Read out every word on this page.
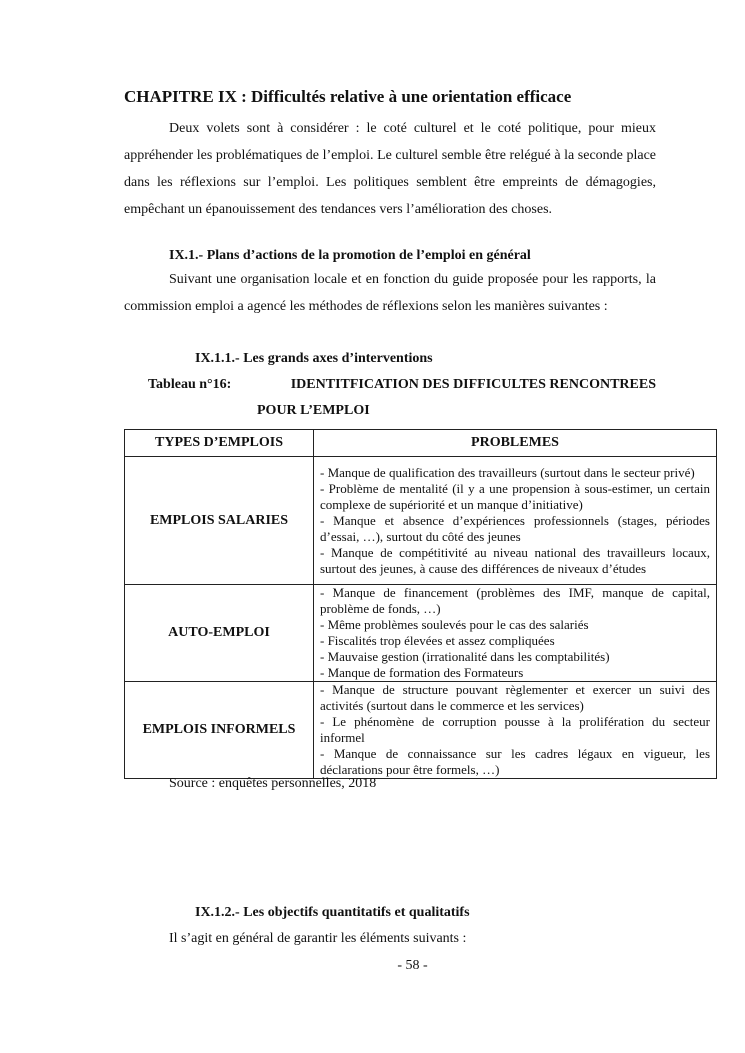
CHAPITRE IX : Difficultés relative à une orientation efficace
Deux volets sont à considérer : le coté culturel et le coté politique, pour mieux appréhender les problématiques de l’emploi. Le culturel semble être relégué à la seconde place dans les réflexions sur l’emploi. Les politiques semblent être empreints de démagogies, empêchant un épanouissement des tendances vers l’amélioration des choses.
IX.1.- Plans d’actions de la promotion de l’emploi en général
Suivant une organisation locale et en fonction du guide proposée pour les rapports, la commission emploi a agencé les méthodes de réflexions selon les manières suivantes :
IX.1.1.- Les grands axes d’interventions
Tableau n°16:	IDENTITFICATION DES DIFFICULTES RENCONTREES
POUR L’EMPLOI
TYPES D’EMPLOIS	PROBLEMES
EMPLOIS SALARIES	- Manque de qualification des travailleurs (surtout dans le secteur privé)
- Problème de mentalité (il y a une propension à sous-estimer, un certain complexe de supériorité et un manque d’initiative)
- Manque et absence d’expériences professionnels (stages, périodes d’essai, …), surtout du côté des jeunes
- Manque de compétitivité au niveau national des travailleurs locaux, surtout des jeunes, à cause des différences de niveaux d’études

AUTO-EMPLOI	- Manque de financement (problèmes des IMF, manque de capital, problème de fonds, …)
- Même problèmes soulevés pour le cas des salariés
- Fiscalités trop élevées et assez compliquées
- Mauvaise gestion (irrationalité dans les comptabilités)
- Manque de formation des Formateurs

EMPLOIS INFORMELS	- Manque de structure pouvant règlementer et exercer un suivi des activités (surtout dans le commerce et les services)
- Le phénomène de corruption pousse à la prolifération du secteur informel
- Manque de connaissance sur les cadres légaux en vigueur, les déclarations pour être formels, …)
Source : enquêtes personnelles, 2018
IX.1.2.- Les objectifs quantitatifs et qualitatifs
Il s’agit en général de garantir les éléments suivants :
- 58 -
